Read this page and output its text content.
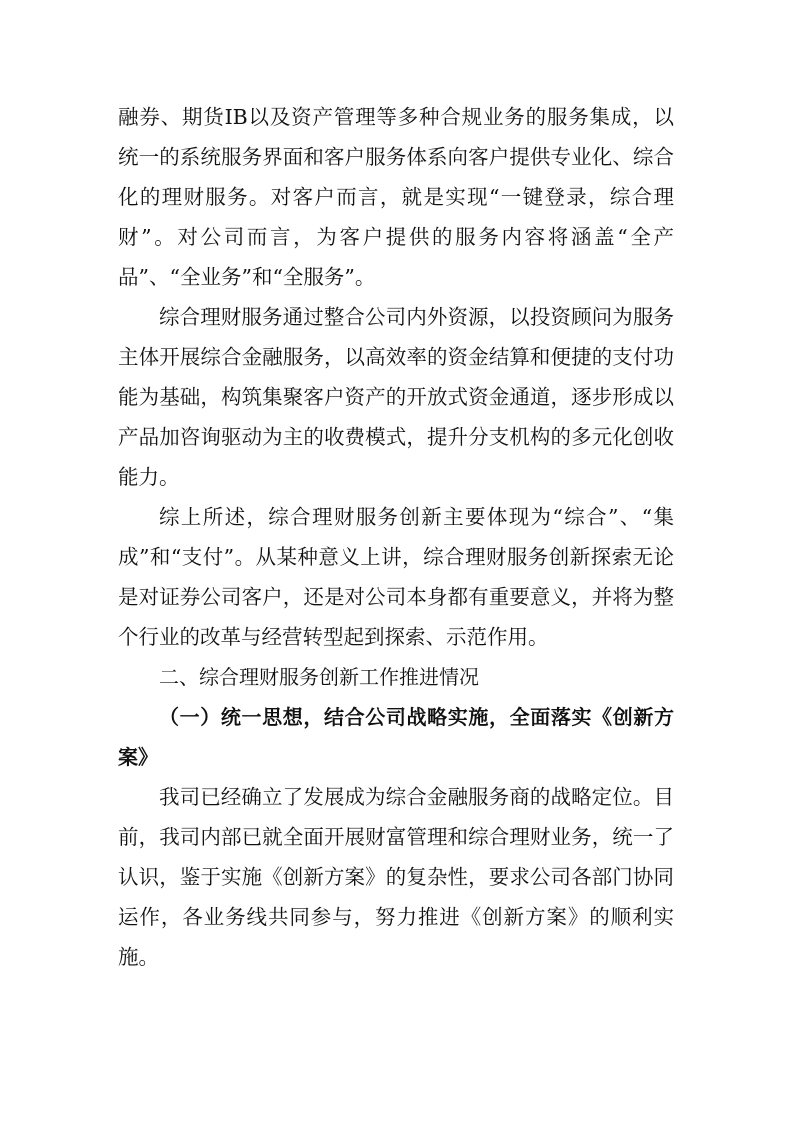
融券、期货IB以及资产管理等多种合规业务的服务集成，以统一的系统服务界面和客户服务体系向客户提供专业化、综合化的理财服务。对客户而言，就是实现“一键登录，综合理财”。对公司而言，为客户提供的服务内容将涵盖“全产品”、“全业务”和“全服务”。

综合理财服务通过整合公司内外资源，以投资顾问为服务主体开展综合金融服务，以高效率的资金结算和便捷的支付功能为基础，构筑集聚客户资产的开放式资金通道，逐步形成以产品加咨询驱动为主的收费模式，提升分支机构的多元化创收能力。

综上所述，综合理财服务创新主要体现为“综合”、“集成”和“支付”。从某种意义上讲，综合理财服务创新探索无论是对证券公司客户，还是对公司本身都有重要意义，并将为整个行业的改革与经营转型起到探索、示范作用。

二、综合理财服务创新工作推进情况

（一）统一思想，结合公司战略实施，全面落实《创新方案》

我司已经确立了发展成为综合金融服务商的战略定位。目前，我司内部已就全面开展财富管理和综合理财业务，统一了认识，鉴于实施《创新方案》的复杂性，要求公司各部门协同运作，各业务线共同参与，努力推进《创新方案》的顺利实施。
